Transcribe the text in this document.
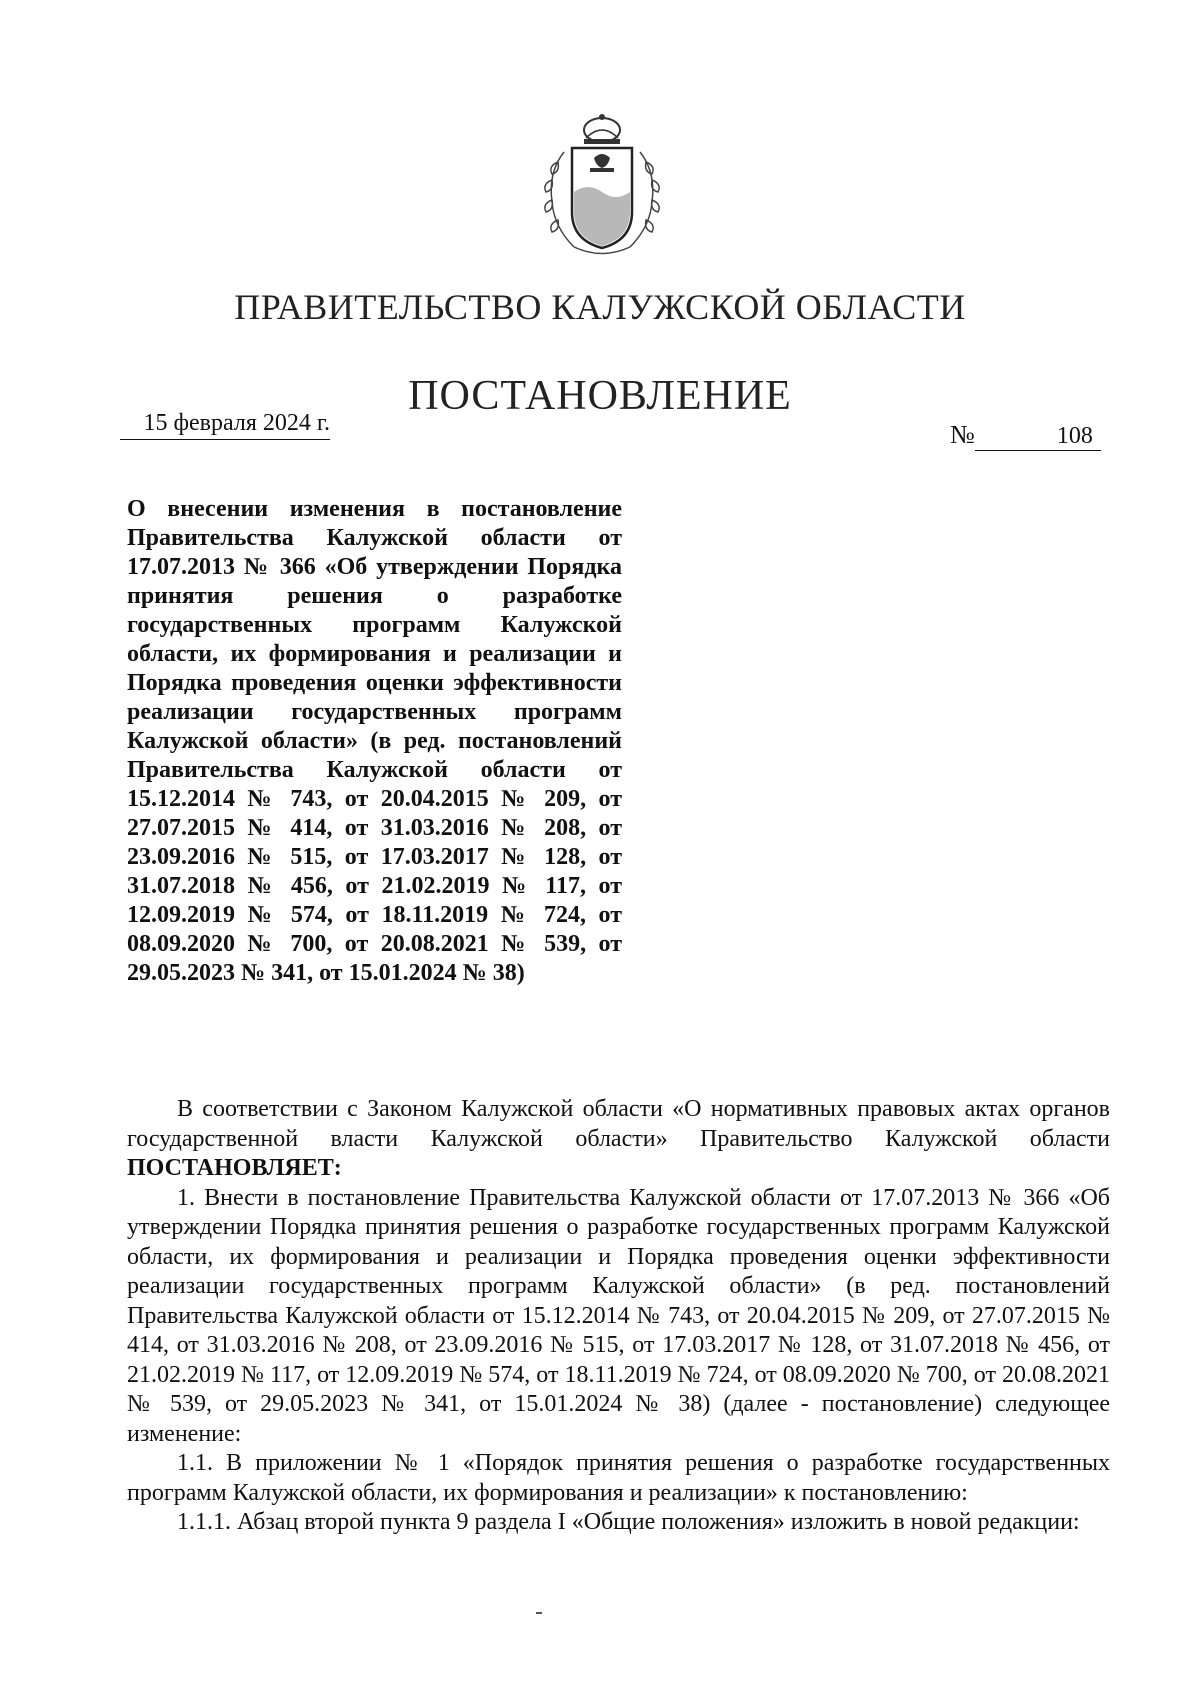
ПРАВИТЕЛЬСТВО КАЛУЖСКОЙ ОБЛАСТИ
ПОСТАНОВЛЕНИЕ
15 февраля 2024 г.	№	108

О внесении изменения в постановление Правительства Калужской области от 17.07.2013 № 366 «Об утверждении Порядка принятия решения о разработке государственных программ Калужской области, их формирования и реализации и Порядка проведения оценки эффективности реализации государственных программ Калужской области» (в ред. постановлений Правительства Калужской области от 15.12.2014 № 743, от 20.04.2015 № 209, от 27.07.2015 № 414, от 31.03.2016 № 208, от 23.09.2016 № 515, от 17.03.2017 № 128, от 31.07.2018 № 456, от 21.02.2019 № 117, от 12.09.2019 № 574, от 18.11.2019 № 724, от 08.09.2020 № 700, от 20.08.2021 № 539, от 29.05.2023 № 341, от 15.01.2024 № 38)

В соответствии с Законом Калужской области «О нормативных правовых актах органов государственной власти Калужской области» Правительство Калужской области ПОСТАНОВЛЯЕТ:

1. Внести в постановление Правительства Калужской области от 17.07.2013 № 366 «Об утверждении Порядка принятия решения о разработке государственных программ Калужской области, их формирования и реализации и Порядка проведения оценки эффективности реализации государственных программ Калужской области» (в ред. постановлений Правительства Калужской области от 15.12.2014 № 743, от 20.04.2015 № 209, от 27.07.2015 № 414, от 31.03.2016 № 208, от 23.09.2016 № 515, от 17.03.2017 № 128, от 31.07.2018 № 456, от 21.02.2019 № 117, от 12.09.2019 № 574, от 18.11.2019 № 724, от 08.09.2020 № 700, от 20.08.2021 № 539, от 29.05.2023 № 341, от 15.01.2024 № 38) (далее - постановление) следующее изменение:

1.1. В приложении № 1 «Порядок принятия решения о разработке государственных программ Калужской области, их формирования и реализации» к постановлению:

1.1.1. Абзац второй пункта 9 раздела I «Общие положения» изложить в новой редакции:
